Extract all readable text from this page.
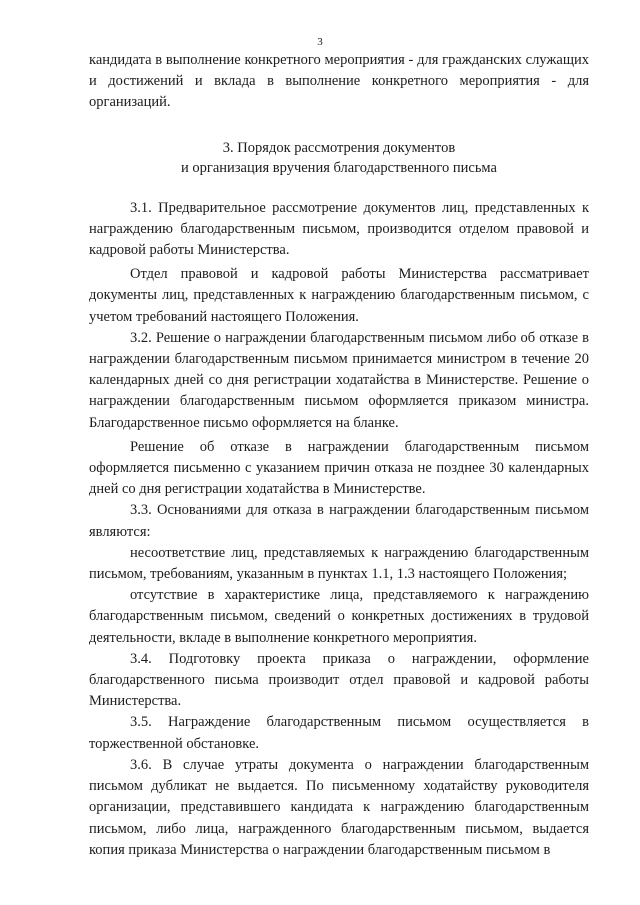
3

кандидата в выполнение конкретного мероприятия - для гражданских служащих и достижений и вклада в выполнение конкретного мероприятия - для организаций.

3. Порядок рассмотрения документов
и организация вручения благодарственного письма

3.1. Предварительное рассмотрение документов лиц, представленных к награждению благодарственным письмом, производится отделом правовой и кадровой работы Министерства.

Отдел правовой и кадровой работы Министерства рассматривает документы лиц, представленных к награждению благодарственным письмом, с учетом требований настоящего Положения.

3.2. Решение о награждении благодарственным письмом либо об отказе в награждении благодарственным письмом принимается министром в течение 20 календарных дней со дня регистрации ходатайства в Министерстве. Решение о награждении благодарственным письмом оформляется приказом министра. Благодарственное письмо оформляется на бланке.

Решение об отказе в награждении благодарственным письмом оформляется письменно с указанием причин отказа не позднее 30 календарных дней со дня регистрации ходатайства в Министерстве.

3.3. Основаниями для отказа в награждении благодарственным письмом являются:

несоответствие лиц, представляемых к награждению благодарственным письмом, требованиям, указанным в пунктах 1.1, 1.3 настоящего Положения;

отсутствие в характеристике лица, представляемого к награждению благодарственным письмом, сведений о конкретных достижениях в трудовой деятельности, вкладе в выполнение конкретного мероприятия.

3.4. Подготовку проекта приказа о награждении, оформление благодарственного письма производит отдел правовой и кадровой работы Министерства.

3.5. Награждение благодарственным письмом осуществляется в торжественной обстановке.

3.6. В случае утраты документа о награждении благодарственным письмом дубликат не выдается. По письменному ходатайству руководителя организации, представившего кандидата к награждению благодарственным письмом, либо лица, награжденного благодарственным письмом, выдается копия приказа Министерства о награждении благодарственным письмом в
